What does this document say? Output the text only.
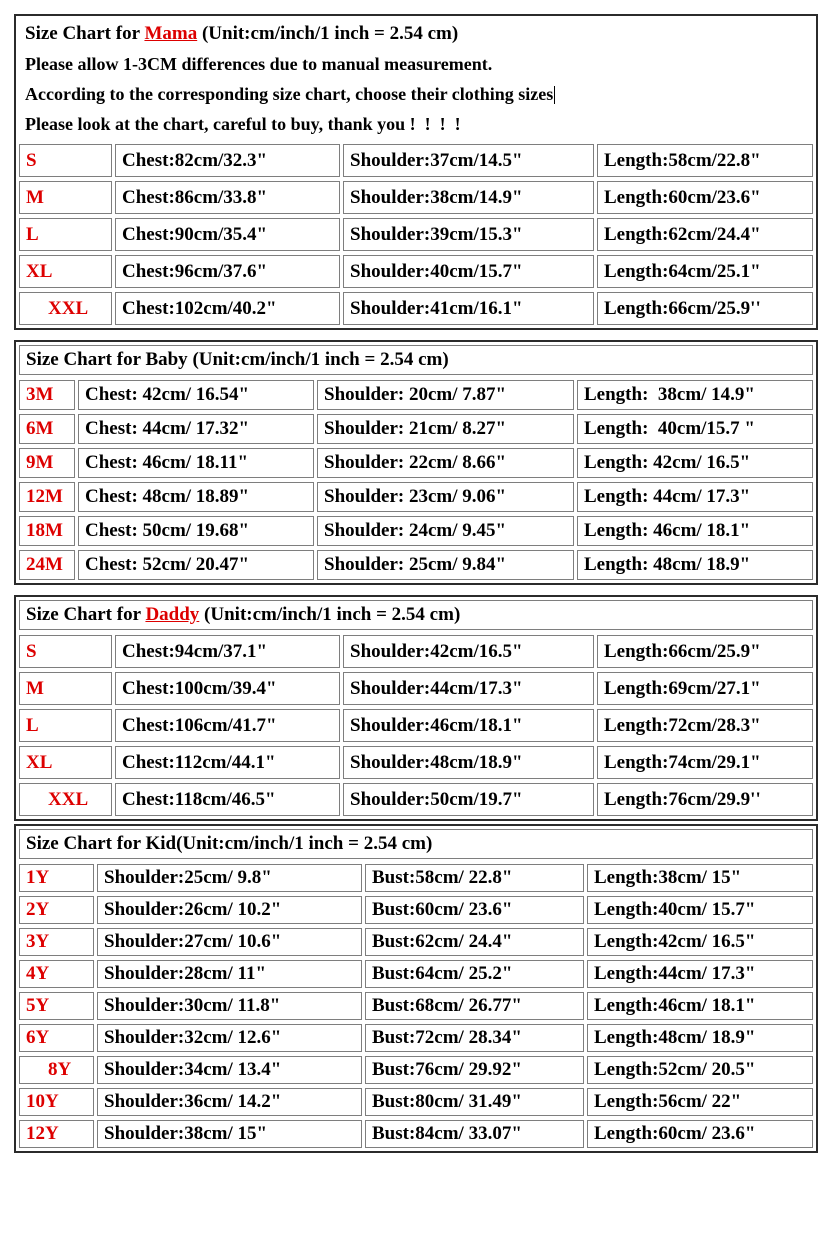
Size Chart for Mama (Unit:cm/inch/1 inch = 2.54 cm)

Please allow 1-3CM differences due to manual measurement.

According to the corresponding size chart, choose their clothing sizes

Please look at the chart, careful to buy, thank you !  !  !  !

S	Chest:82cm/32.3"	Shoulder:37cm/14.5"	Length:58cm/22.8"
M	Chest:86cm/33.8"	Shoulder:38cm/14.9"	Length:60cm/23.6"
L	Chest:90cm/35.4"	Shoulder:39cm/15.3"	Length:62cm/24.4"
XL	Chest:96cm/37.6"	Shoulder:40cm/15.7"	Length:64cm/25.1"
XXL	Chest:102cm/40.2"	Shoulder:41cm/16.1"	Length:66cm/25.9''
Size Chart for Baby (Unit:cm/inch/1 inch = 2.54 cm)
3M	Chest: 42cm/ 16.54"	Shoulder: 20cm/ 7.87"	Length:  38cm/ 14.9"
6M	Chest: 44cm/ 17.32"	Shoulder: 21cm/ 8.27"	Length:  40cm/15.7 "
9M	Chest: 46cm/ 18.11"	Shoulder: 22cm/ 8.66"	Length: 42cm/ 16.5"
12M	Chest: 48cm/ 18.89"	Shoulder: 23cm/ 9.06"	Length: 44cm/ 17.3"
18M	Chest: 50cm/ 19.68"	Shoulder: 24cm/ 9.45"	Length: 46cm/ 18.1"
24M	Chest: 52cm/ 20.47"	Shoulder: 25cm/ 9.84"	Length: 48cm/ 18.9"
Size Chart for Daddy (Unit:cm/inch/1 inch = 2.54 cm)
S	Chest:94cm/37.1"	Shoulder:42cm/16.5"	Length:66cm/25.9"
M	Chest:100cm/39.4"	Shoulder:44cm/17.3"	Length:69cm/27.1"
L	Chest:106cm/41.7"	Shoulder:46cm/18.1"	Length:72cm/28.3"
XL	Chest:112cm/44.1"	Shoulder:48cm/18.9"	Length:74cm/29.1"
XXL	Chest:118cm/46.5"	Shoulder:50cm/19.7"	Length:76cm/29.9''
Size Chart for Kid (Unit:cm/inch/1 inch = 2.54 cm)
1Y	Shoulder:25cm/ 9.8"	Bust:58cm/ 22.8"	Length:38cm/ 15"
2Y	Shoulder:26cm/ 10.2"	Bust:60cm/ 23.6"	Length:40cm/ 15.7"
3Y	Shoulder:27cm/ 10.6"	Bust:62cm/ 24.4"	Length:42cm/ 16.5"
4Y	Shoulder:28cm/ 11"	Bust:64cm/ 25.2"	Length:44cm/ 17.3"
5Y	Shoulder:30cm/ 11.8"	Bust:68cm/ 26.77"	Length:46cm/ 18.1"
6Y	Shoulder:32cm/ 12.6"	Bust:72cm/ 28.34"	Length:48cm/ 18.9"
8Y	Shoulder:34cm/ 13.4"	Bust:76cm/ 29.92"	Length:52cm/ 20.5"
10Y	Shoulder:36cm/ 14.2"	Bust:80cm/ 31.49"	Length:56cm/ 22"
12Y	Shoulder:38cm/ 15"	Bust:84cm/ 33.07"	Length:60cm/ 23.6"
